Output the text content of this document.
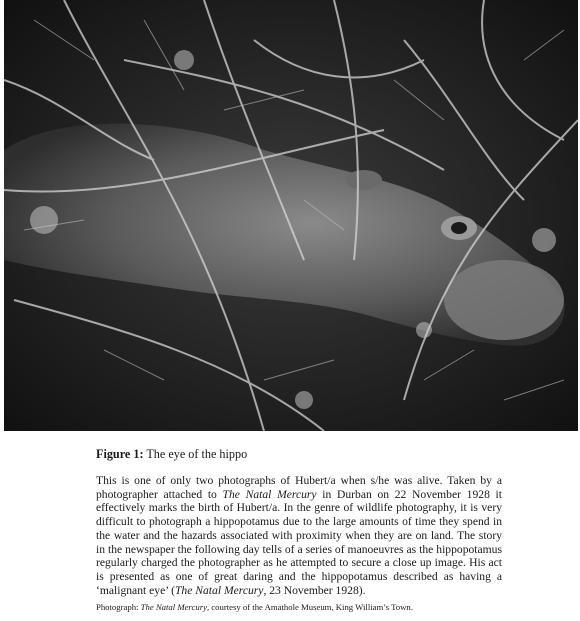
Figure 1: The eye of the hippo

This is one of only two photographs of Hubert/a when s/he was alive. Taken by a photographer attached to The Natal Mercury in Durban on 22 November 1928 it effectively marks the birth of Hubert/a. In the genre of wildlife photography, it is very difficult to photograph a hippopotamus due to the large amounts of time they spend in the water and the hazards associated with proximity when they are on land. The story in the newspaper the following day tells of a series of manoeuvres as the hippopotamus regularly charged the photographer as he attempted to secure a close up image. His act is presented as one of great daring and the hippopotamus described as having a ‘malignant eye’ (The Natal Mercury, 23 November 1928).

Photograph: The Natal Mercury, courtesy of the Amathole Museum, King William’s Town.
